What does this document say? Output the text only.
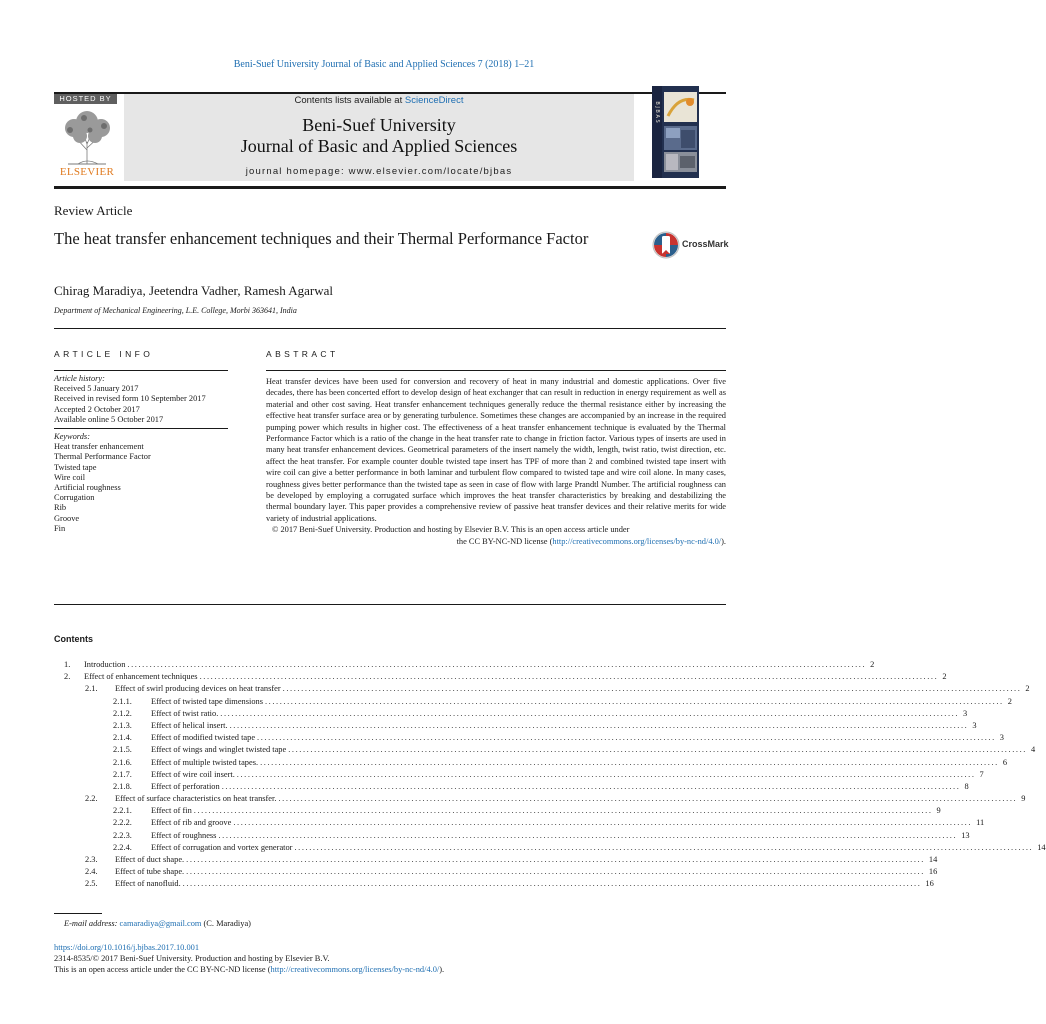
Beni-Suef University Journal of Basic and Applied Sciences 7 (2018) 1–21
HOSTED BY
ELSEVIER
Contents lists available at ScienceDirect
Beni-Suef University
Journal of Basic and Applied Sciences
journal homepage: www.elsevier.com/locate/bjbas
B J B A S
Review Article
The heat transfer enhancement techniques and their Thermal Performance Factor	CrossMark
Chirag Maradiya, Jeetendra Vadher, Ramesh Agarwal
Department of Mechanical Engineering, L.E. College, Morbi 363641, India
ARTICLE INFO	ABSTRACT
Article history:
Received 5 January 2017
Received in revised form 10 September 2017
Accepted 2 October 2017
Available online 5 October 2017
Keywords:
Heat transfer enhancement
Thermal Performance Factor
Twisted tape
Wire coil
Artificial roughness
Corrugation
Rib
Groove
Fin

Heat transfer devices have been used for conversion and recovery of heat in many industrial and domestic applications. Over five decades, there has been concerted effort to develop design of heat exchanger that can result in reduction in energy requirement as well as material and other cost saving. Heat transfer enhancement techniques generally reduce the thermal resistance either by increasing the effective heat transfer surface area or by generating turbulence. Sometimes these changes are accompanied by an increase in the required pumping power which results in higher cost. The effectiveness of a heat transfer enhancement technique is evaluated by the Thermal Performance Factor which is a ratio of the change in the heat transfer rate to change in friction factor. Various types of inserts are used in many heat transfer enhancement devices. Geometrical parameters of the insert namely the width, length, twist ratio, twist direction, etc. affect the heat transfer. For example counter double twisted tape insert has TPF of more than 2 and combined twisted tape insert with wire coil can give a better performance in both laminar and turbulent flow compared to twisted tape and wire coil alone. In many cases, roughness gives better performance than the twisted tape as seen in case of flow with large Prandtl Number. The artificial roughness can be developed by employing a corrugated surface which improves the heat transfer characteristics by breaking and destabilizing the thermal boundary layer. This paper provides a comprehensive review of passive heat transfer devices and their relative merits for wide variety of industrial applications.

© 2017 Beni-Suef University. Production and hosting by Elsevier B.V. This is an open access article under

the CC BY-NC-ND license (http://creativecommons.org/licenses/by-nc-nd/4.0/).

Contents
1. Introduction ........................................................................................................................................................................................................ 2
2. Effect of enhancement techniques ........................................................................................................................................................................................................ 2
2.1. Effect of swirl producing devices on heat transfer ........................................................................................................................................................................................................ 2
2.1.1. Effect of twisted tape dimensions ........................................................................................................................................................................................................ 2
2.1.2. Effect of twist ratio. ........................................................................................................................................................................................................ 3
2.1.3. Effect of helical insert. ........................................................................................................................................................................................................ 3
2.1.4. Effect of modified twisted tape ........................................................................................................................................................................................................ 3
2.1.5. Effect of wings and winglet twisted tape ........................................................................................................................................................................................................ 4
2.1.6. Effect of multiple twisted tapes. ........................................................................................................................................................................................................ 6
2.1.7. Effect of wire coil insert. ........................................................................................................................................................................................................ 7
2.1.8. Effect of perforation ........................................................................................................................................................................................................ 8
2.2. Effect of surface characteristics on heat transfer. ........................................................................................................................................................................................................ 9
2.2.1. Effect of fin ........................................................................................................................................................................................................ 9
2.2.2. Effect of rib and groove ........................................................................................................................................................................................................ 11
2.2.3. Effect of roughness ........................................................................................................................................................................................................ 13
2.2.4. Effect of corrugation and vortex generator ........................................................................................................................................................................................................ 14
2.3. Effect of duct shape. ........................................................................................................................................................................................................ 14
2.4. Effect of tube shape. ........................................................................................................................................................................................................ 16
2.5. Effect of nanofluid. ........................................................................................................................................................................................................ 16
E-mail address: camaradiya@gmail.com (C. Maradiya)
https://doi.org/10.1016/j.bjbas.2017.10.001
2314-8535/© 2017 Beni-Suef University. Production and hosting by Elsevier B.V.
This is an open access article under the CC BY-NC-ND license (http://creativecommons.org/licenses/by-nc-nd/4.0/).
